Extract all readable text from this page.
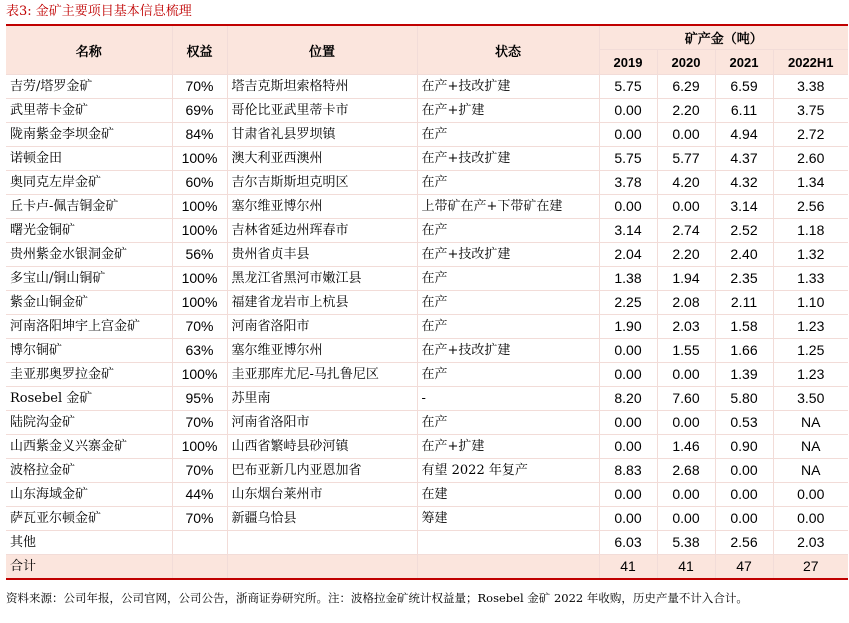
表3: 金矿主要项目基本信息梳理
名称	权益	位置	状态	矿产金（吨）			
				2019	2020	2021	2022H1
吉劳/塔罗金矿	70%	塔吉克斯坦索格特州	在产+技改扩建	5.75	6.29	6.59	3.38
武里蒂卡金矿	69%	哥伦比亚武里蒂卡市	在产+扩建	0.00	2.20	6.11	3.75
陇南紫金李坝金矿	84%	甘肃省礼县罗坝镇	在产	0.00	0.00	4.94	2.72
诺顿金田	100%	澳大利亚西澳州	在产+技改扩建	5.75	5.77	4.37	2.60
奥同克左岸金矿	60%	吉尔吉斯斯坦克明区	在产	3.78	4.20	4.32	1.34
丘卡卢-佩吉铜金矿	100%	塞尔维亚博尔州	上带矿在产+下带矿在建	0.00	0.00	3.14	2.56
曙光金铜矿	100%	吉林省延边州珲春市	在产	3.14	2.74	2.52	1.18
贵州紫金水银洞金矿	56%	贵州省贞丰县	在产+技改扩建	2.04	2.20	2.40	1.32
多宝山/铜山铜矿	100%	黑龙江省黑河市嫩江县	在产	1.38	1.94	2.35	1.33
紫金山铜金矿	100%	福建省龙岩市上杭县	在产	2.25	2.08	2.11	1.10
河南洛阳坤宇上宫金矿	70%	河南省洛阳市	在产	1.90	2.03	1.58	1.23
博尔铜矿	63%	塞尔维亚博尔州	在产+技改扩建	0.00	1.55	1.66	1.25
圭亚那奥罗拉金矿	100%	圭亚那库尤尼-马扎鲁尼区	在产	0.00	0.00	1.39	1.23
Rosebel 金矿	95%	苏里南	-	8.20	7.60	5.80	3.50
陆院沟金矿	70%	河南省洛阳市	在产	0.00	0.00	0.53	NA
山西紫金义兴寨金矿	100%	山西省繁峙县砂河镇	在产+扩建	0.00	1.46	0.90	NA
波格拉金矿	70%	巴布亚新几内亚恩加省	有望 2022 年复产	8.83	2.68	0.00	NA
山东海域金矿	44%	山东烟台莱州市	在建	0.00	0.00	0.00	0.00
萨瓦亚尔顿金矿	70%	新疆乌恰县	筹建	0.00	0.00	0.00	0.00
其他				6.03	5.38	2.56	2.03
合计				41	41	47	27
资料来源：公司年报，公司官网，公司公告，浙商证券研究所。注：波格拉金矿统计权益量；Rosebel 金矿 2022 年收购，历史产量不计入合计。
